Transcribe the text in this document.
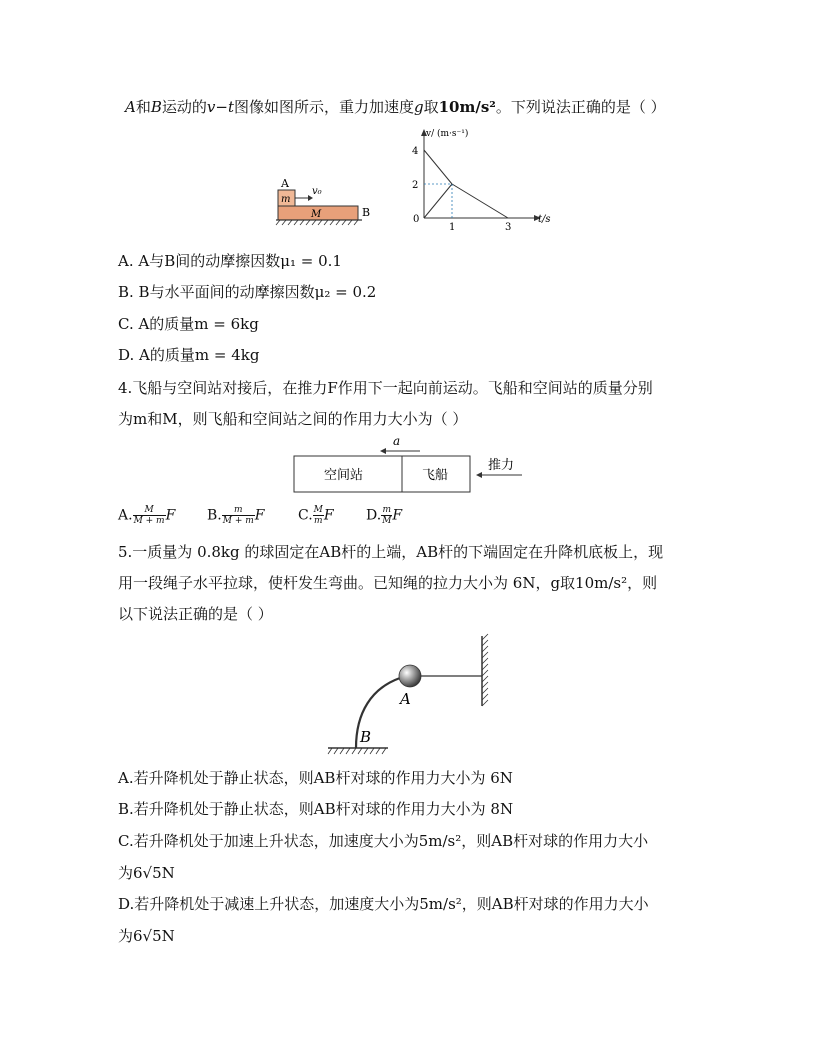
A和B运动的v−t图像如图所示，重力加速度g取10m/s²。下列说法正确的是（ ）
A
m
v₀
M	B
v/ (m·s⁻¹)
t/s
4
2
0
1	3
A. A与B间的动摩擦因数μ₁ = 0.1
B. B与水平面间的动摩擦因数μ₂ = 0.2
C. A的质量m = 6kg
D. A的质量m = 4kg
4.飞船与空间站对接后，在推力F作用下一起向前运动。飞船和空间站的质量分别
为m和M，则飞船和空间站之间的作用力大小为（ ）
a
空间站	飞船
推力
A. $\frac{M}{M + m}$ F B. $\frac{m}{M + m}$ F C. $\frac{M}{m}$ F D. $\frac{m}{M}$ F
5.一质量为 0.8kg 的球固定在AB杆的上端，AB杆的下端固定在升降机底板上，现
用一段绳子水平拉球，使杆发生弯曲。已知绳的拉力大小为 6N，g取10m/s²，则
以下说法正确的是（ ）
A
B
A.若升降机处于静止状态，则AB杆对球的作用力大小为 6N
B.若升降机处于静止状态，则AB杆对球的作用力大小为 8N
C.若升降机处于加速上升状态，加速度大小为5m/s²，则AB杆对球的作用力大小
为6√5N
D.若升降机处于减速上升状态，加速度大小为5m/s²，则AB杆对球的作用力大小
为6√5N
